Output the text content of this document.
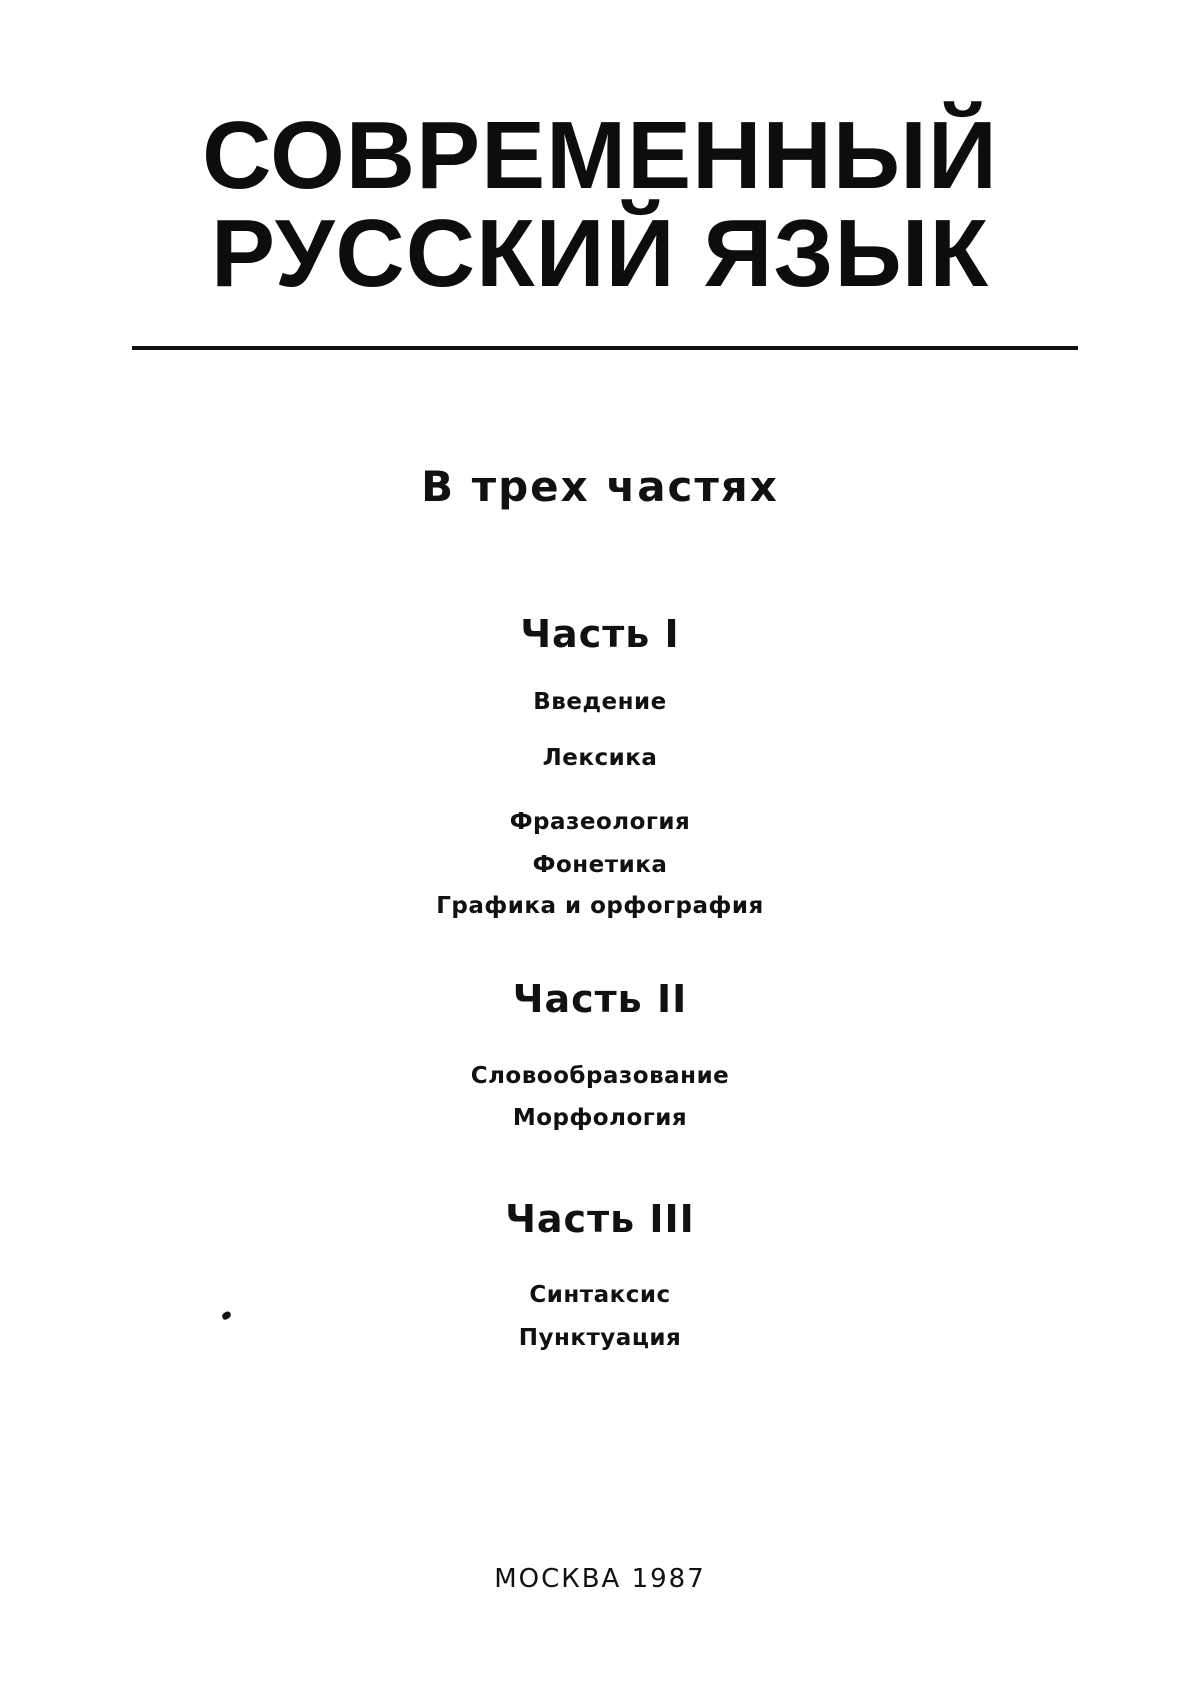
СОВРЕМЕННЫЙ
РУССКИЙ ЯЗЫК
В трех частях
Часть I
Введение
Лексика
Фразеология
Фонетика
Графика и орфография
Часть II
Словообразование
Морфология
Часть III
Синтаксис
Пунктуация
МОСКВА 1987
